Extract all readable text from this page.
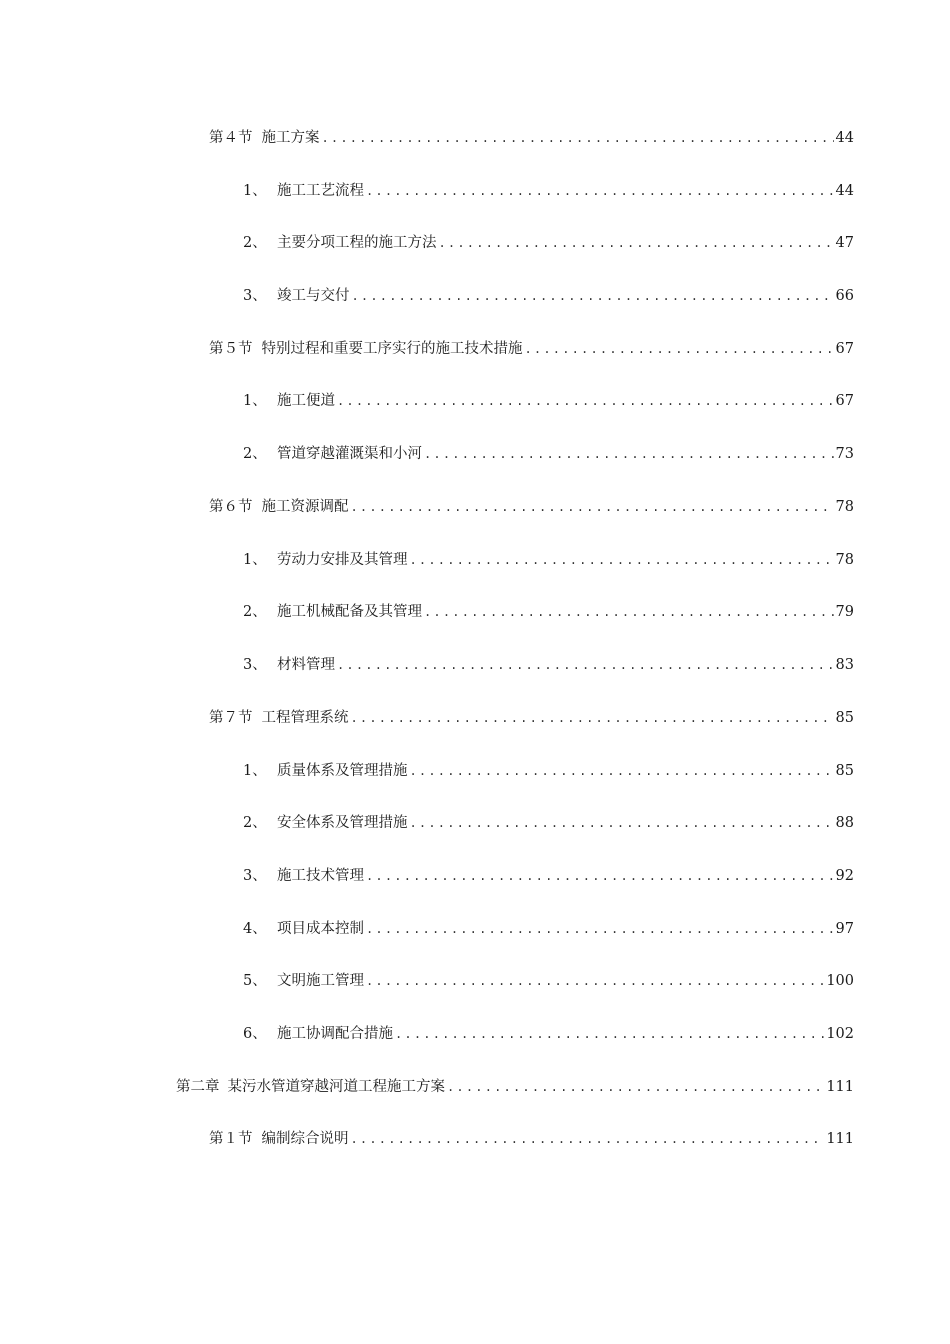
第４节 施工方案 .....	44
1、 施工工艺流程 .....	44
2、 主要分项工程的施工方法 .....	47
3、 竣工与交付 .....	66
第５节 特别过程和重要工序实行的施工技术措施 .....	67
1、 施工便道 .....	67
2、 管道穿越灌溉渠和小河 .....	73
第６节 施工资源调配 .....	78
1、 劳动力安排及其管理 .....	78
2、 施工机械配备及其管理 .....	79
3、 材料管理 .....	83
第７节 工程管理系统 .....	85
1、 质量体系及管理措施 .....	85
2、 安全体系及管理措施 .....	88
3、 施工技术管理 .....	92
4、 项目成本控制 .....	97
5、 文明施工管理 .....	100
6、 施工协调配合措施 .....	102
第二章 某污水管道穿越河道工程施工方案 .....	111
第１节 编制综合说明 .....	111
